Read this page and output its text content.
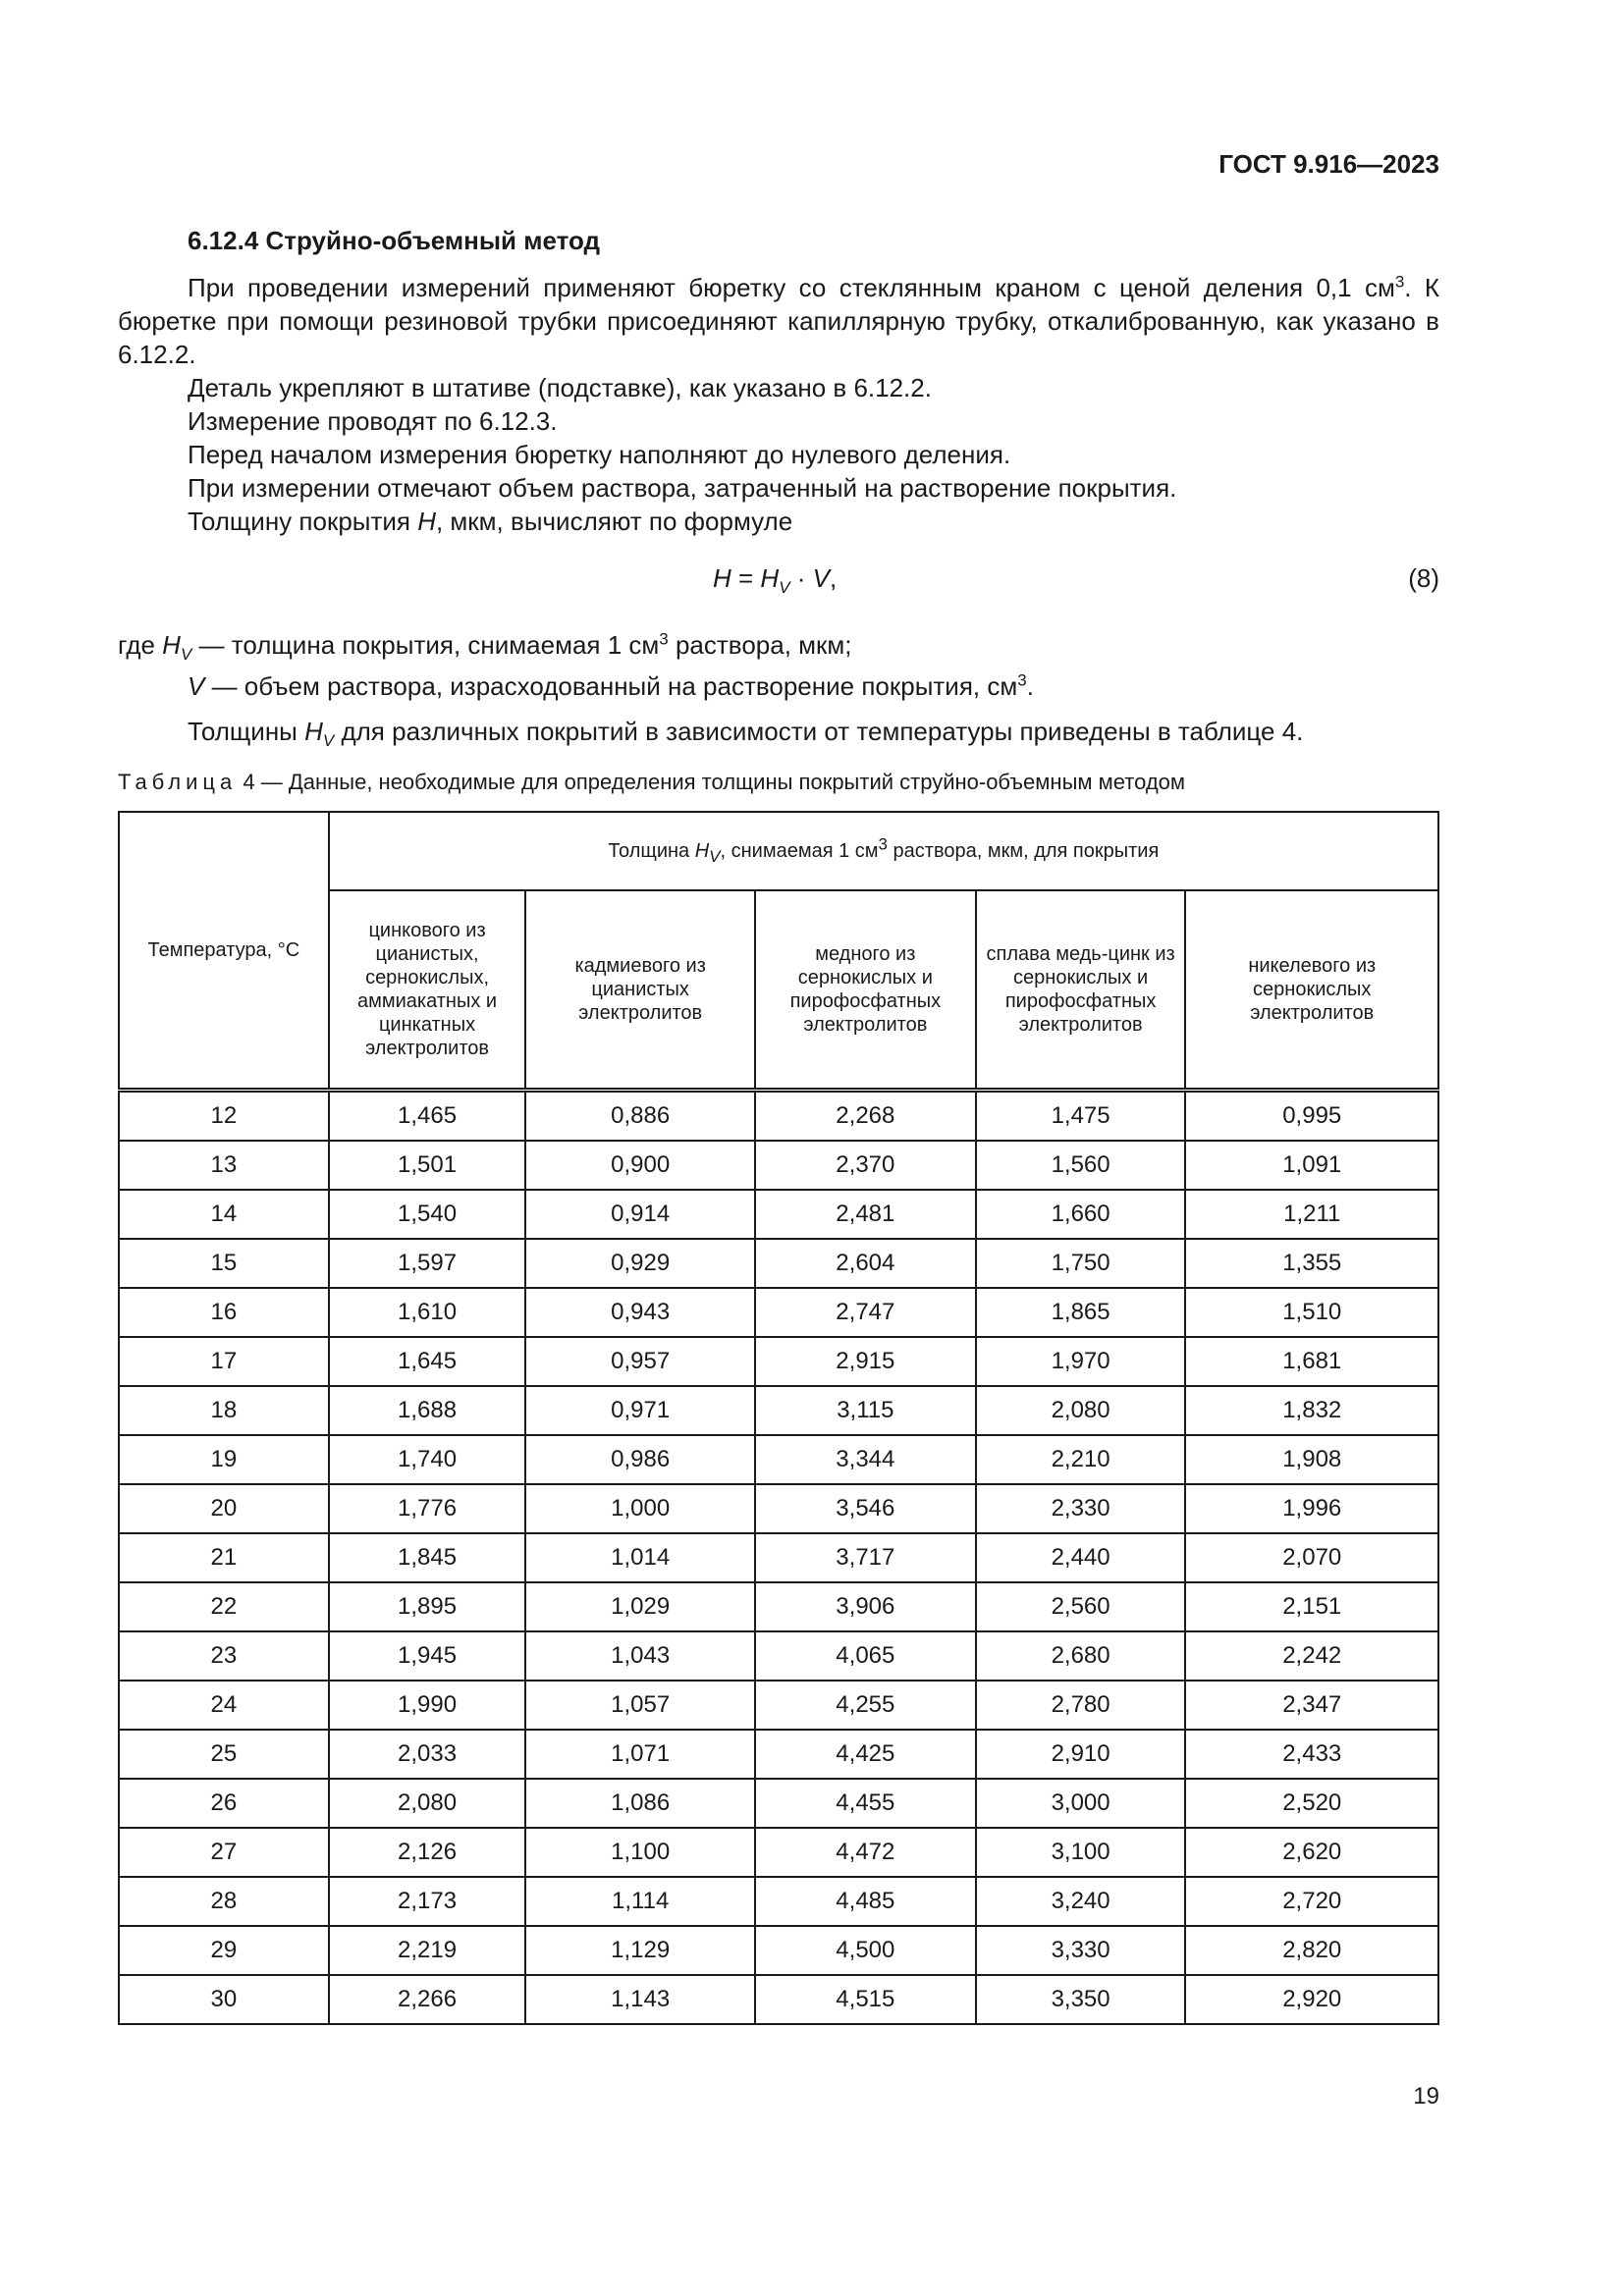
ГОСТ 9.916—2023
6.12.4 Струйно-объемный метод

При проведении измерений применяют бюретку со стеклянным краном с ценой деления 0,1 $см^3$. К бюретке при помощи резиновой трубки присоединяют капиллярную трубку, откалиброванную, как указано в 6.12.2.

Деталь укрепляют в штативе (подставке), как указано в 6.12.2.

Измерение проводят по 6.12.3.

Перед началом измерения бюретку наполняют до нулевого деления.

При измерении отмечают объем раствора, затраченный на растворение покрытия.

Толщину покрытия H, мкм, вычисляют по формуле

$H = H_V \cdot V$,	(8)
где $H_V$ — толщина покрытия, снимаемая 1 $см^3$ раствора, мкм;
V — объем раствора, израсходованный на растворение покрытия, $см^3$.
Толщины $H_V$ для различных покрытий в зависимости от температуры приведены в таблице 4.
Таблица 4 — Данные, необходимые для определения толщины покрытий струйно-объемным методом
Температура, °С	Толщина $H_V$, снимаемая 1 $см^3$ раствора, мкм, для покрытия				
	цинкового из цианистых, сернокислых, аммиакатных и цинкатных электролитов	кадмиевого из цианистых электролитов	медного из сернокислых и пирофосфатных электролитов	сплава медь-цинк из сернокислых и пирофосфатных электролитов	никелевого из сернокислых электролитов
12	1,465	0,886	2,268	1,475	0,995
13	1,501	0,900	2,370	1,560	1,091
14	1,540	0,914	2,481	1,660	1,211
15	1,597	0,929	2,604	1,750	1,355
16	1,610	0,943	2,747	1,865	1,510
17	1,645	0,957	2,915	1,970	1,681
18	1,688	0,971	3,115	2,080	1,832
19	1,740	0,986	3,344	2,210	1,908
20	1,776	1,000	3,546	2,330	1,996
21	1,845	1,014	3,717	2,440	2,070
22	1,895	1,029	3,906	2,560	2,151
23	1,945	1,043	4,065	2,680	2,242
24	1,990	1,057	4,255	2,780	2,347
25	2,033	1,071	4,425	2,910	2,433
26	2,080	1,086	4,455	3,000	2,520
27	2,126	1,100	4,472	3,100	2,620
28	2,173	1,114	4,485	3,240	2,720
29	2,219	1,129	4,500	3,330	2,820
30	2,266	1,143	4,515	3,350	2,920
19
